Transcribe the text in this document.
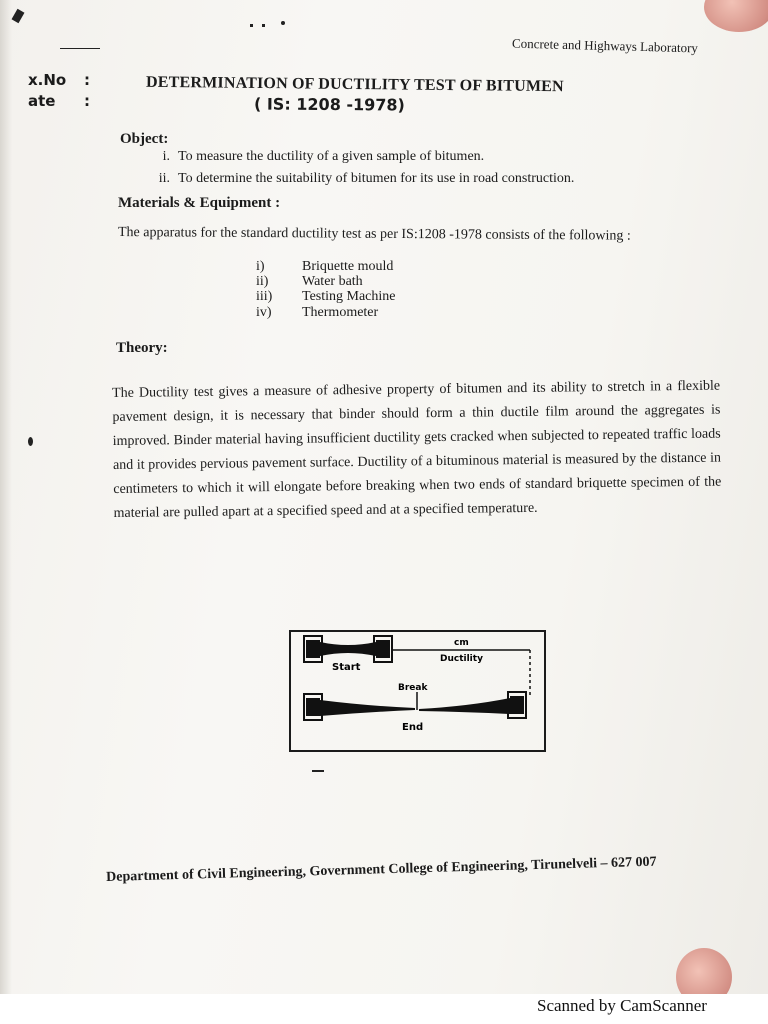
Concrete and Highways Laboratory
x.No :
ate :
DETERMINATION OF DUCTILITY TEST OF BITUMEN
( IS: 1208 -1978)
Object:
i. To measure the ductility of a given sample of bitumen.
ii. To determine the suitability of bitumen for its use in road construction.
Materials & Equipment :
The apparatus for the standard ductility test as per IS:1208 -1978 consists of the following :
i)	Briquette mould
ii) Water bath
iii) Testing Machine
iv) Thermometer
Theory:
The Ductility test gives a measure of adhesive property of bitumen and its ability to stretch in a flexible pavement design, it is necessary that binder should form a thin ductile film around the aggregates is improved. Binder material having insufficient ductility gets cracked when subjected to repeated traffic loads and it provides pervious pavement surface. Ductility of a bituminous material is measured by the distance in centimeters to which it will elongate before breaking when two ends of standard briquette specimen of the material are pulled apart at a specified speed and at a specified temperature.
cm
Ductility
Start
Break
End
Department of Civil Engineering, Government College of Engineering, Tirunelveli – 627 007
Scanned by CamScanner
